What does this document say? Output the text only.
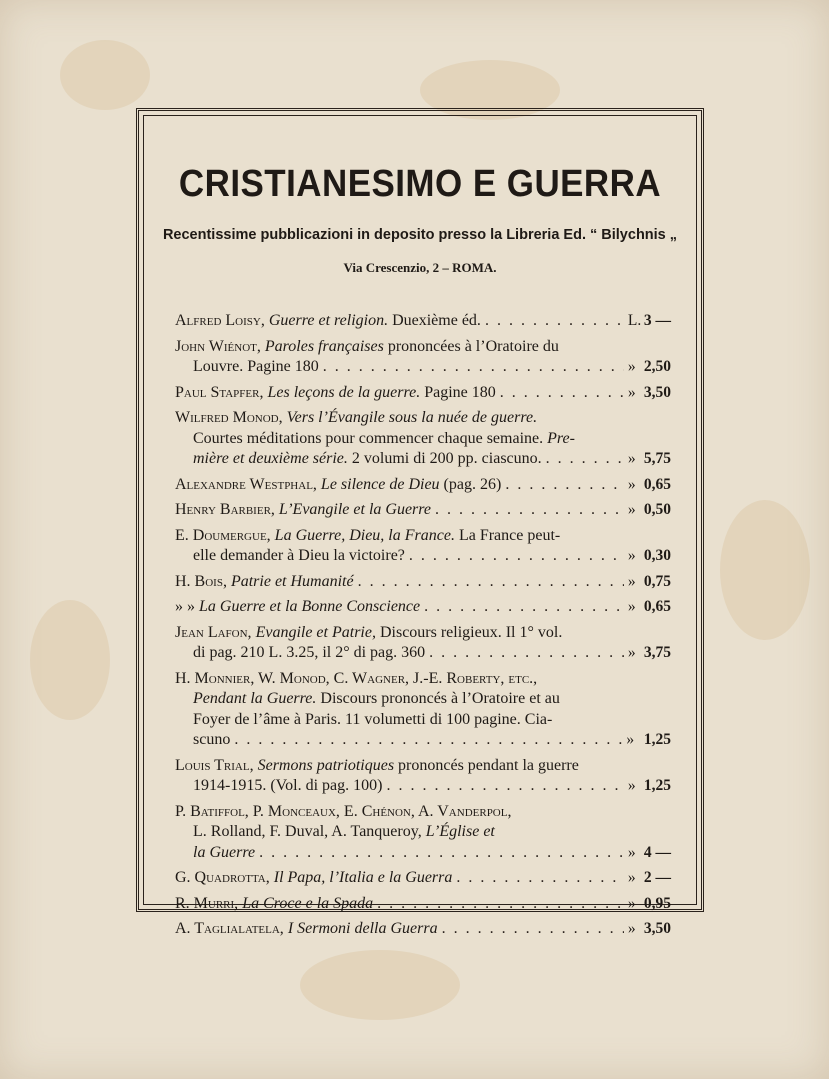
CRISTIANESIMO E GUERRA
Recentissime pubblicazioni in deposito presso la Libreria Ed. “ Bilychnis „
Via Crescenzio, 2 – ROMA.
Alfred Loisy, Guerre et religion. Duexième éd. . . .	L. 3 —
John Wiénot, Paroles françaises prononcées à l’Oratoire du
Louvre. Pagine 180 . . .	» 2,50
Paul Stapfer, Les leçons de la guerre. Pagine 180 . . .	» 3,50
Wilfred Monod, Vers l’Évangile sous la nuée de guerre.
Courtes méditations pour commencer chaque semaine. Pre-
mière et deuxième série. 2 volumi di 200 pp. ciascuno. . . .	» 5,75
Alexandre Westphal, Le silence de Dieu (pag. 26) . . .	» 0,65
Henry Barbier, L’Evangile et la Guerre . . .	» 0,50
E. Doumergue, La Guerre, Dieu, la France. La France peut-
elle demander à Dieu la victoire? . . .	» 0,30
H. Bois, Patrie et Humanité . . .	» 0,75
» » La Guerre et la Bonne Conscience . . .	» 0,65
Jean Lafon, Evangile et Patrie, Discours religieux. Il 1° vol.
di pag. 210 L. 3.25, il 2° di pag. 360 . . .	» 3,75
H. Monnier, W. Monod, C. Wagner, J.-E. Roberty, etc.,
Pendant la Guerre. Discours prononcés à l’Oratoire et au
Foyer de l’âme à Paris. 11 volumetti di 100 pagine. Cia-
scuno . . .	» 1,25
Louis Trial, Sermons patriotiques prononcés pendant la guerre
1914-1915. (Vol. di pag. 100) . . .	» 1,25
P. Batiffol, P. Monceaux, E. Chénon, A. Vanderpol,
L. Rolland, F. Duval, A. Tanqueroy, L’Église et
la Guerre . . .	» 4 —
G. Quadrotta, Il Papa, l’Italia e la Guerra . . .	» 2 —
R. Murri, La Croce e la Spada . . .	» 0,95
A. Taglialatela, I Sermoni della Guerra . . .	» 3,50
